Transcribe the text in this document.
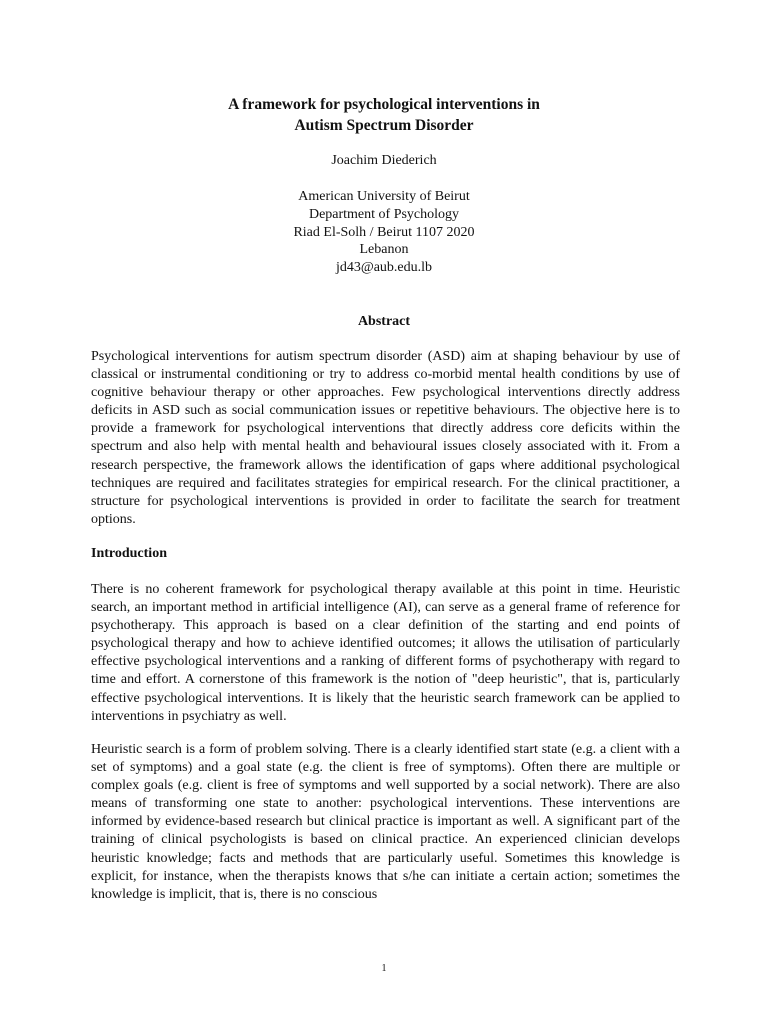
A framework for psychological interventions in
Autism Spectrum Disorder
Joachim Diederich
American University of Beirut
Department of Psychology
Riad El-Solh / Beirut 1107 2020
Lebanon
jd43@aub.edu.lb
Abstract

Psychological interventions for autism spectrum disorder (ASD) aim at shaping behaviour by use of classical or instrumental conditioning or try to address co-morbid mental health conditions by use of cognitive behaviour therapy or other approaches. Few psychological interventions directly address deficits in ASD such as social communication issues or repetitive behaviours. The objective here is to provide a framework for psychological interventions that directly address core deficits within the spectrum and also help with mental health and behavioural issues closely associated with it. From a research perspective, the framework allows the identification of gaps where additional psychological techniques are required and facilitates strategies for empirical research. For the clinical practitioner, a structure for psychological interventions is provided in order to facilitate the search for treatment options.

Introduction

There is no coherent framework for psychological therapy available at this point in time. Heuristic search, an important method in artificial intelligence (AI), can serve as a general frame of reference for psychotherapy. This approach is based on a clear definition of the starting and end points of psychological therapy and how to achieve identified outcomes; it allows the utilisation of particularly effective psychological interventions and a ranking of different forms of psychotherapy with regard to time and effort. A cornerstone of this framework is the notion of "deep heuristic", that is, particularly effective psychological interventions. It is likely that the heuristic search framework can be applied to interventions in psychiatry as well.

Heuristic search is a form of problem solving. There is a clearly identified start state (e.g. a client with a set of symptoms) and a goal state (e.g. the client is free of symptoms). Often there are multiple or complex goals (e.g. client is free of symptoms and well supported by a social network). There are also means of transforming one state to another: psychological interventions. These interventions are informed by evidence-based research but clinical practice is important as well. A significant part of the training of clinical psychologists is based on clinical practice. An experienced clinician develops heuristic knowledge; facts and methods that are particularly useful. Sometimes this knowledge is explicit, for instance, when the therapists knows that s/he can initiate a certain action; sometimes the knowledge is implicit, that is, there is no conscious

1
